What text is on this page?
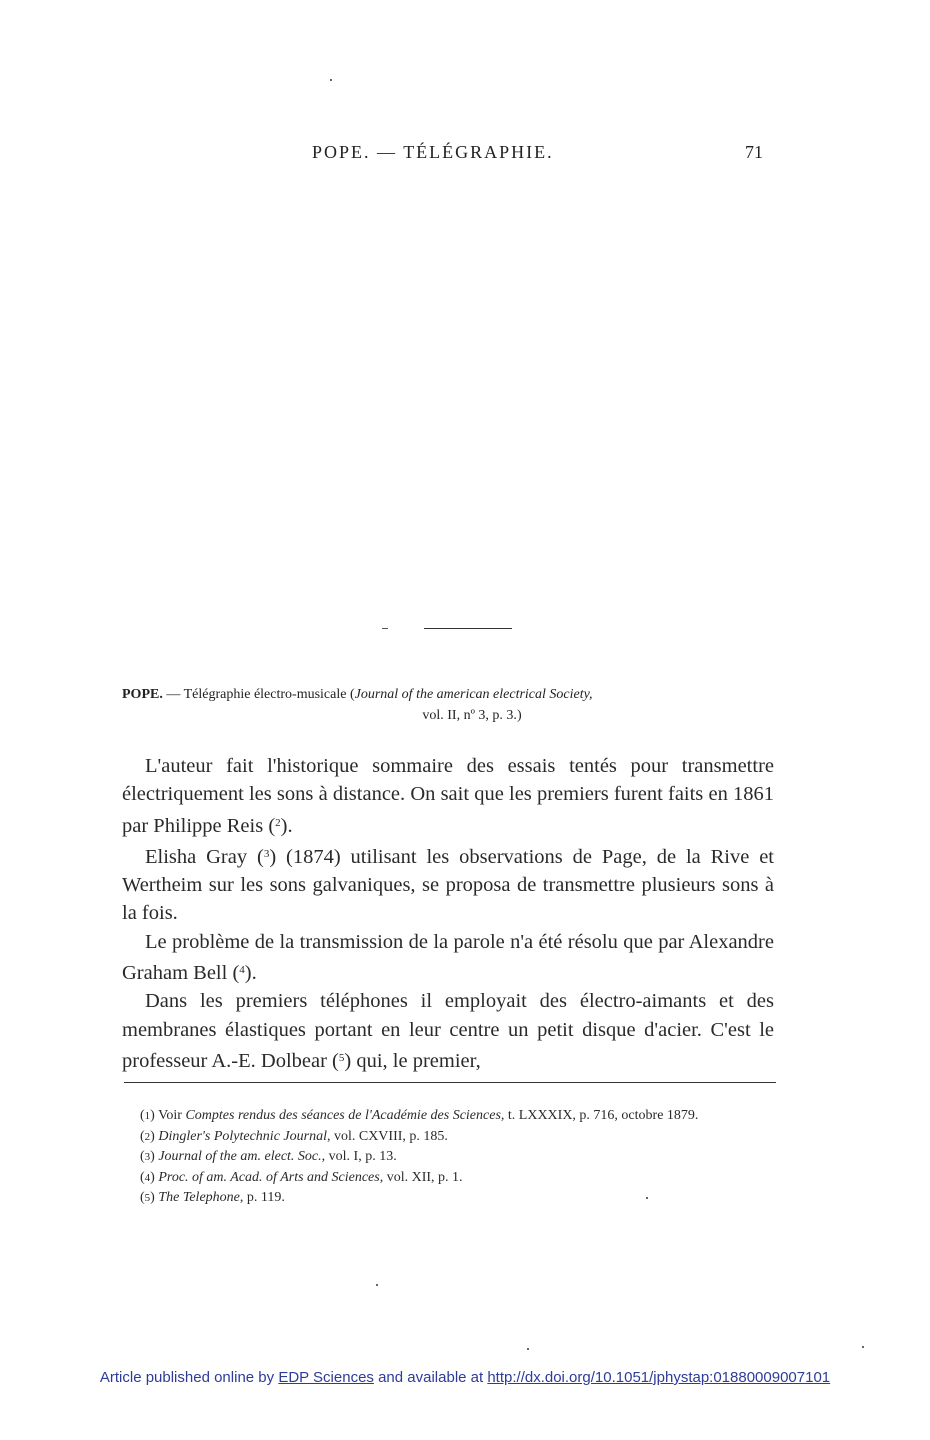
POPE. — TÉLÉGRAPHIE.	71
POPE. — Télégraphie électro-musicale (Journal of the american electrical Society,
vol. II, nº 3, p. 3.)

L'auteur fait l'historique sommaire des essais tentés pour transmettre électriquement les sons à distance. On sait que les premiers furent faits en 1861 par Philippe Reis ($^2$).

Elisha Gray ($^3$) (1874) utilisant les observations de Page, de la Rive et Wertheim sur les sons galvaniques, se proposa de transmettre plusieurs sons à la fois.

Le problème de la transmission de la parole n'a été résolu que par Alexandre Graham Bell ($^4$).

Dans les premiers téléphones il employait des électro-aimants et des membranes élastiques portant en leur centre un petit disque d'acier. C'est le professeur A.-E. Dolbear ($^5$) qui, le premier,

(1) Voir Comptes rendus des séances de l'Académie des Sciences, t. LXXXIX, p. 716, octobre 1879.

(2) Dingler's Polytechnic Journal, vol. CXVIII, p. 185.

(3) Journal of the am. elect. Soc., vol. I, p. 13.

(4) Proc. of am. Acad. of Arts and Sciences, vol. XII, p. 1.

(5) The Telephone, p. 119.

Article published online by EDP Sciences and available at http://dx.doi.org/10.1051/jphystap:01880009007101
